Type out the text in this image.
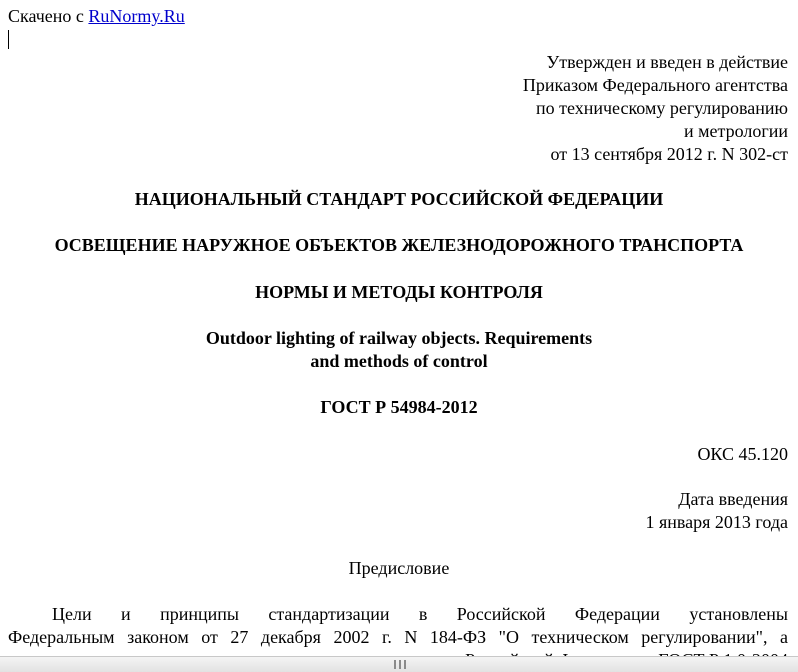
Скачено с RuNormy.Ru
Утвержден и введен в действие
Приказом Федерального агентства
по техническому регулированию
и метрологии
от 13 сентября 2012 г. N 302-ст
НАЦИОНАЛЬНЫЙ СТАНДАРТ РОССИЙСКОЙ ФЕДЕРАЦИИ
ОСВЕЩЕНИЕ НАРУЖНОЕ ОБЪЕКТОВ ЖЕЛЕЗНОДОРОЖНОГО ТРАНСПОРТА
НОРМЫ И МЕТОДЫ КОНТРОЛЯ
Outdoor lighting of railway objects. Requirements
and methods of control
ГОСТ Р 54984-2012
ОКС 45.120
Дата введения
1 января 2013 года
Предисловие
Цели и принципы стандартизации в Российской Федерации установлены
Федеральным законом от 27 декабря 2002 г. N 184-ФЗ "О техническом регулировании", а
